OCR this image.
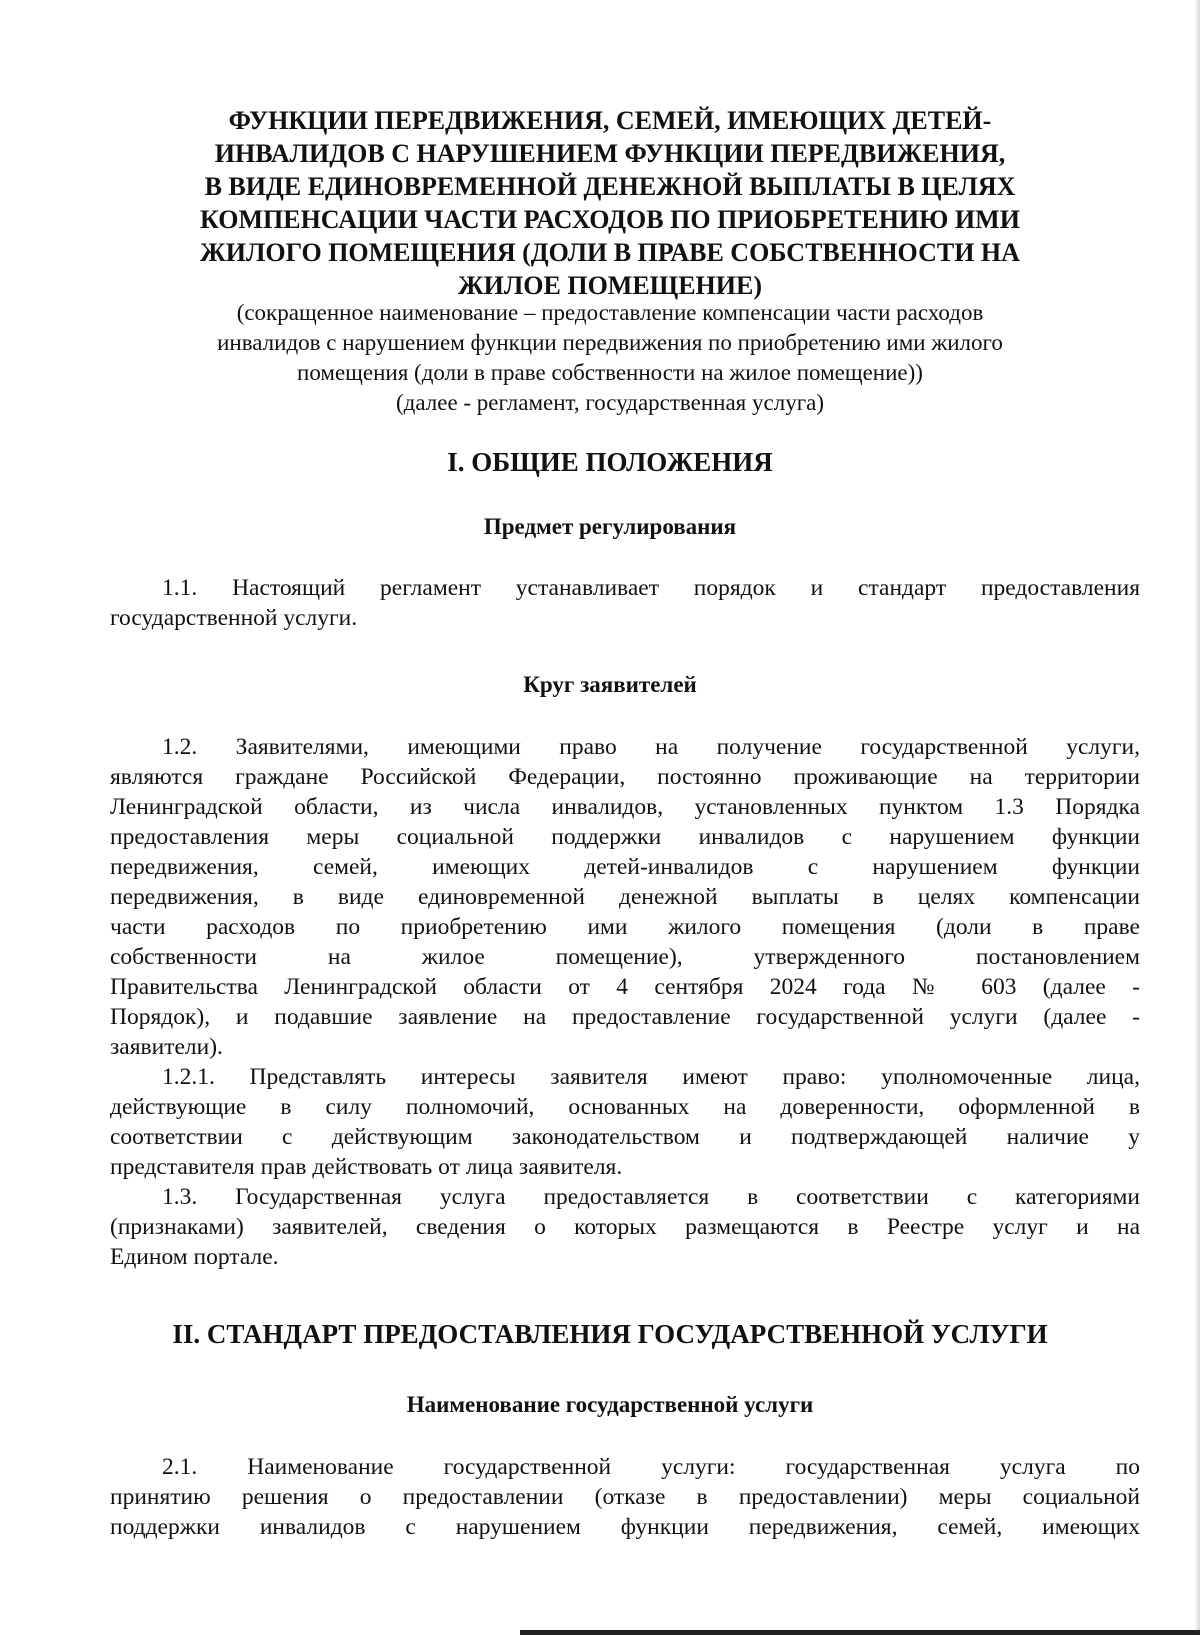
ФУНКЦИИ ПЕРЕДВИЖЕНИЯ, СЕМЕЙ, ИМЕЮЩИХ ДЕТЕЙ-
ИНВАЛИДОВ С НАРУШЕНИЕМ ФУНКЦИИ ПЕРЕДВИЖЕНИЯ,
В ВИДЕ ЕДИНОВРЕМЕННОЙ ДЕНЕЖНОЙ ВЫПЛАТЫ В ЦЕЛЯХ
КОМПЕНСАЦИИ ЧАСТИ РАСХОДОВ ПО ПРИОБРЕТЕНИЮ ИМИ
ЖИЛОГО ПОМЕЩЕНИЯ (ДОЛИ В ПРАВЕ СОБСТВЕННОСТИ НА
ЖИЛОЕ ПОМЕЩЕНИЕ)
(сокращенное наименование – предоставление компенсации части расходов
инвалидов с нарушением функции передвижения по приобретению ими жилого
помещения (доли в праве собственности на жилое помещение))
(далее - регламент, государственная услуга)
I. ОБЩИЕ ПОЛОЖЕНИЯ
Предмет регулирования
1.1. Настоящий регламент устанавливает порядок и стандарт предоставления
государственной услуги.
Круг заявителей
1.2. Заявителями, имеющими право на получение государственной услуги,
являются граждане Российской Федерации, постоянно проживающие на территории
Ленинградской области, из числа инвалидов, установленных пунктом 1.3 Порядка
предоставления меры социальной поддержки инвалидов с нарушением функции
передвижения, семей, имеющих детей-инвалидов с нарушением функции
передвижения, в виде единовременной денежной выплаты в целях компенсации
части расходов по приобретению ими жилого помещения (доли в праве
собственности на жилое помещение), утвержденного постановлением
Правительства Ленинградской области от 4 сентября 2024 года № 603 (далее -
Порядок), и подавшие заявление на предоставление государственной услуги (далее -
заявители).
1.2.1. Представлять интересы заявителя имеют право: уполномоченные лица,
действующие в силу полномочий, основанных на доверенности, оформленной в
соответствии с действующим законодательством и подтверждающей наличие у
представителя прав действовать от лица заявителя.
1.3. Государственная услуга предоставляется в соответствии с категориями
(признаками) заявителей, сведения о которых размещаются в Реестре услуг и на
Едином портале.
II. СТАНДАРТ ПРЕДОСТАВЛЕНИЯ ГОСУДАРСТВЕННОЙ УСЛУГИ
Наименование государственной услуги
2.1. Наименование государственной услуги: государственная услуга по
принятию решения о предоставлении (отказе в предоставлении) меры социальной
поддержки инвалидов с нарушением функции передвижения, семей, имеющих
